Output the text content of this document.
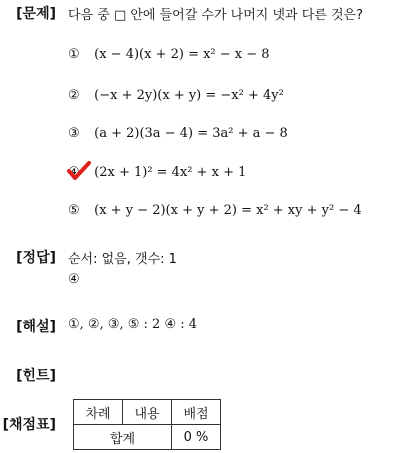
[문제] 다음 중 □ 안에 들어갈 수가 나머지 넷과 다른 것은?
① (x − 4)(x + 2) = x² − x − 8
② (−x + 2y)(x + y) = −x² + 4y²
③ (a + 2)(3a − 4) = 3a² + a − 8
④ (2x + 1)² = 4x² + x + 1
⑤ (x + y − 2)(x + y + 2) = x² + xy + y² − 4
[정답] 순서: 없음, 갯수: 1
④
[해설] ①, ②, ③, ⑤ : 2 ④ : 4
[힌트]
[채점표]
차례	내용	배점
합계		0 %
